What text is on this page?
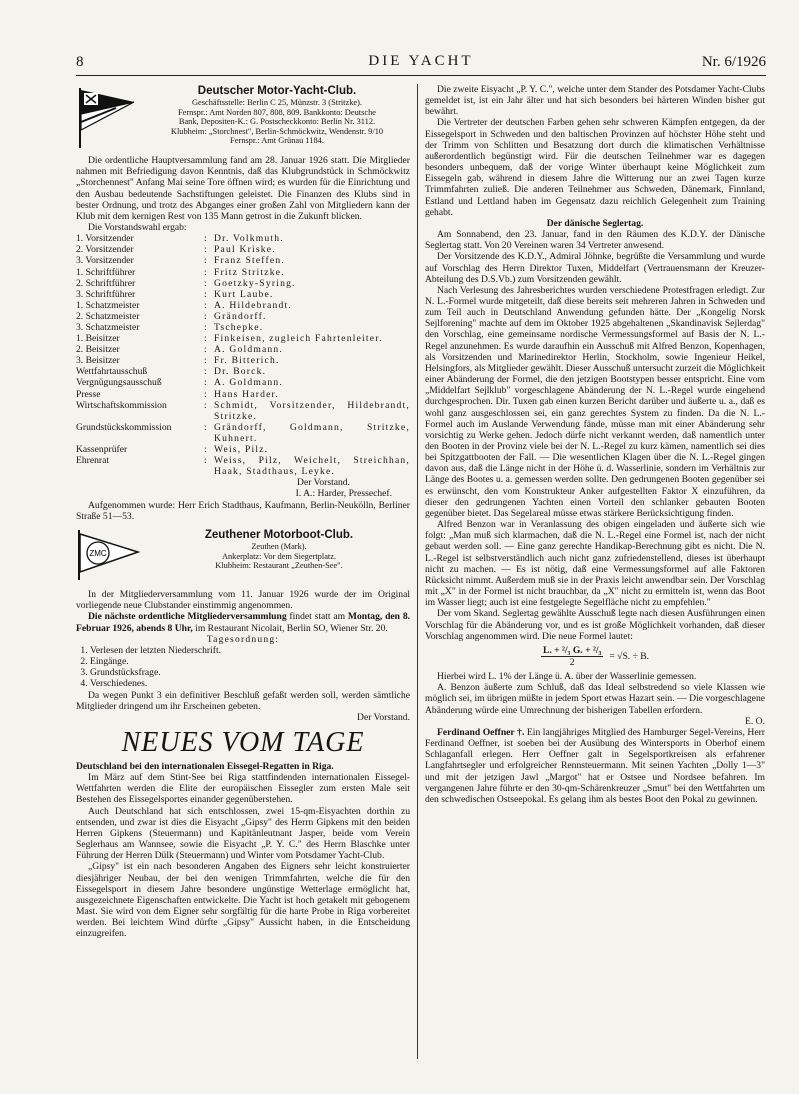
8	DIE YACHT	Nr. 6/1926
Deutscher Motor-Yacht-Club.
Geschäftsstelle: Berlin C 25, Münzstr. 3 (Stritzke).
Fernspr.: Amt Norden 807, 808, 809. Bankkonto: Deutsche
Bank, Depositen-K.: G. Postscheckkonto: Berlin Nr. 3112.
Klubheim: „Storchnest", Berlin-Schmöckwitz, Wendenstr. 9/10
Fernspr.: Amt Grünau 1184.

Die ordentliche Hauptversammlung fand am 28. Januar 1926 statt. Die Mitglieder nahmen mit Befriedigung davon Kenntnis, daß das Klubgrundstück in Schmöckwitz „Storchennest" Anfang Mai seine Tore öffnen wird; es wurden für die Einrichtung und den Ausbau bedeutende Sachstiftungen geleistet. Die Finanzen des Klubs sind in bester Ordnung, und trotz des Abganges einer großen Zahl von Mitgliedern kann der Klub mit dem kernigen Rest von 135 Mann getrost in die Zukunft blicken.

Die Vorstandswahl ergab:

1. Vorsitzender	:	Dr. Volkmuth.
2. Vorsitzender	:	Paul Kriske.
3. Vorsitzender	:	Franz Steffen.
1. Schriftführer	:	Fritz Stritzke.
2. Schriftführer	:	Goetzky-Syring.
3. Schriftführer	:	Kurt Laube.
1. Schatzmeister	:	A. Hildebrandt.
2. Schatzmeister	:	Grändorff.
3. Schatzmeister	:	Tschepke.
1. Beisitzer	:	Finkeisen, zugleich Fahrtenleiter.
2. Beisitzer	:	A. Goldmann.
3. Beisitzer	:	Fr. Bitterich.
Wettfahrtausschuß	:	Dr. Borck.
Vergnügungsausschuß	:	A. Goldmann.
Presse	:	Hans Harder.
Wirtschaftskommission	:	Schmidt, Vorsitzender, Hildebrandt, Stritzke.
Grundstückskommission	:	Grändorff, Goldmann, Stritzke, Kuhnert.
Kassenprüfer	:	Weis, Pilz.
Ehrenrat	:	Weiss, Pilz, Weichelt, Streichhan, Haak, Stadthaus, Leyke.
Der Vorstand.
I. A.: Harder, Pressechef.

Aufgenommen wurde: Herr Erich Stadthaus, Kaufmann, Berlin-Neukölln, Berliner Straße 51—53.

ZMC
Zeuthener Motorboot-Club.
Zeuthen (Mark).
Ankerplatz: Vor dem Siegertplatz.
Klubheim: Restaurant „Zeuthen-See".

In der Mitgliederversammlung vom 11. Januar 1926 wurde der im Original vorliegende neue Clubstander einstimmig angenommen.

Die nächste ordentliche Mitgliederversammlung findet statt am Montag, den 8. Februar 1926, abends 8 Uhr, im Restaurant Nicolait, Berlin SO, Wiener Str. 20.

Tagesordnung:
1. Verlesen der letzten Niederschrift.
2. Eingänge.
3. Grundstücksfrage.
4. Verschiedenes.

Da wegen Punkt 3 ein definitiver Beschluß gefaßt werden soll, werden sämtliche Mitglieder dringend um ihr Erscheinen gebeten.

Der Vorstand.
NEUES VOM TAGE

Deutschland bei den internationalen Eissegel-Regatten in Riga.

Im März auf dem Stint-See bei Riga stattfindenden internationalen Eissegel-Wettfahrten werden die Elite der europäischen Eissegler zum ersten Male seit Bestehen des Eissegelsportes einander gegenüberstehen.

Auch Deutschland hat sich entschlossen, zwei 15-qm-Eisyachten dorthin zu entsenden, und zwar ist dies die Eisyacht „Gipsy" des Herrn Gipkens mit den beiden Herren Gipkens (Steuermann) und Kapitänleutnant Jasper, beide vom Verein Seglerhaus am Wannsee, sowie die Eisyacht „P. Y. C." des Herrn Blaschke unter Führung der Herren Dülk (Steuermann) und Winter vom Potsdamer Yacht-Club.

„Gipsy" ist ein nach besonderen Angaben des Eigners sehr leicht konstruierter diesjähriger Neubau, der bei den wenigen Trimmfahrten, welche die für den Eissegelsport in diesem Jahre besondere ungünstige Wetterlage ermöglicht hat, ausgezeichnete Eigenschaften entwickelte. Die Yacht ist hoch getakelt mit gebogenem Mast. Sie wird von dem Eigner sehr sorgfältig für die harte Probe in Riga vorbereitet werden. Bei leichtem Wind dürfte „Gipsy" Aussicht haben, in die Entscheidung einzugreifen.

Die zweite Eisyacht „P. Y. C.", welche unter dem Stander des Potsdamer Yacht-Clubs gemeldet ist, ist ein Jahr älter und hat sich besonders bei härteren Winden bisher gut bewährt.

Die Vertreter der deutschen Farben gehen sehr schweren Kämpfen entgegen, da der Eissegelsport in Schweden und den baltischen Provinzen auf höchster Höhe steht und der Trimm von Schlitten und Besatzung dort durch die klimatischen Verhältnisse außerordentlich begünstigt wird. Für die deutschen Teilnehmer war es dagegen besonders unbequem, daß der vorige Winter überhaupt keine Möglichkeit zum Eissegeln gab, während in diesem Jahre die Witterung nur an zwei Tagen kurze Trimmfahrten zuließ. Die anderen Teilnehmer aus Schweden, Dänemark, Finnland, Estland und Lettland haben im Gegensatz dazu reichlich Gelegenheit zum Training gehabt.

Der dänische Seglertag.

Am Sonnabend, den 23. Januar, fand in den Räumen des K.D.Y. der Dänische Seglertag statt. Von 20 Vereinen waren 34 Vertreter anwesend.

Der Vorsitzende des K.D.Y., Admiral Jöhnke, begrüßte die Versammlung und wurde auf Vorschlag des Herrn Direktor Tuxen, Middelfart (Vertrauensmann der Kreuzer-Abteilung des D.S.Vb.) zum Vorsitzenden gewählt.

Nach Verlesung des Jahresberichtes wurden verschiedene Protestfragen erledigt. Zur N. L.-Formel wurde mitgeteilt, daß diese bereits seit mehreren Jahren in Schweden und zum Teil auch in Deutschland Anwendung gefunden hätte. Der „Kongelig Norsk Sejlforening" machte auf dem im Oktober 1925 abgehaltenen „Skandinavisk Sejlerdag" den Vorschlag, eine gemeinsame nordische Vermessungsformel auf Basis der N. L.-Regel anzunehmen. Es wurde daraufhin ein Ausschuß mit Alfred Benzon, Kopenhagen, als Vorsitzenden und Marinedirektor Herlin, Stockholm, sowie Ingenieur Heikel, Helsingfors, als Mitglieder gewählt. Dieser Ausschuß untersucht zurzeit die Möglichkeit einer Abänderung der Formel, die den jetzigen Bootstypen besser entspricht. Eine vom „Middelfart Sejlklub" vorgeschlagene Abänderung der N. L.-Regel wurde eingehend durchgesprochen. Dir. Tuxen gab einen kurzen Bericht darüber und äußerte u. a., daß es wohl ganz ausgeschlossen sei, ein ganz gerechtes System zu finden. Da die N. L.-Formel auch im Auslande Verwendung fände, müsse man mit einer Abänderung sehr vorsichtig zu Werke gehen. Jedoch dürfe nicht verkannt werden, daß namentlich unter den Booten in der Provinz viele bei der N. L.-Regel zu kurz kämen, namentlich sei dies bei Spitzgattbooten der Fall. — Die wesentlichen Klagen über die N. L.-Regel gingen davon aus, daß die Länge nicht in der Höhe ü. d. Wasserlinie, sondern im Verhältnis zur Länge des Bootes u. a. gemessen werden sollte. Den gedrungenen Booten gegenüber sei es erwünscht, den vom Konstrukteur Anker aufgestellten Faktor X einzuführen, da dieser den gedrungenen Yachten einen Vorteil den schlanker gebauten Booten gegenüber bietet. Das Segelareal müsse etwas stärkere Berücksichtigung finden.

Alfred Benzon war in Veranlassung des obigen eingeladen und äußerte sich wie folgt: „Man muß sich klarmachen, daß die N. L.-Regel eine Formel ist, nach der nicht gebaut werden soll. — Eine ganz gerechte Handikap-Berechnung gibt es nicht. Die N. L.-Regel ist selbstverständlich auch nicht ganz zufriedenstellend, dieses ist überhaupt nicht zu machen. — Es ist nötig, daß eine Vermessungsformel auf alle Faktoren Rücksicht nimmt. Außerdem muß sie in der Praxis leicht anwendbar sein. Der Vorschlag mit „X" in der Formel ist nicht brauchbar, da „X" nicht zu ermitteln ist, wenn das Boot im Wasser liegt; auch ist eine festgelegte Segelfläche nicht zu empfehlen."

Der vom Skand. Seglertag gewählte Ausschuß legte nach diesen Ausführungen einen Vorschlag für die Abänderung vor, und es ist große Möglichkeit vorhanden, daß dieser Vorschlag angenommen wird. Die neue Formel lautet:

$\frac{\text{L. + ²/₃ G. + ²/₃}}{2} = √S$. ÷ B.

Hierbei wird L. 1% der Länge ü. A. über der Wasserlinie gemessen.

A. Benzon äußerte zum Schluß, daß das Ideal selbstredend so viele Klassen wie möglich sei, im übrigen müßte in jedem Sport etwas Hazart sein. — Die vorgeschlagene Abänderung würde eine Umrechnung der bisherigen Tabellen erfordern.

E. O.

Ferdinand Oeffner †. Ein langjähriges Mitglied des Hamburger Segel-Vereins, Herr Ferdinand Oeffner, ist soeben bei der Ausübung des Wintersports in Oberhof einem Schlaganfall erlegen. Herr Oeffner galt in Segelsportkreisen als erfahrener Langfahrtsegler und erfolgreicher Rennsteuermann. Mit seinen Yachten „Dolly 1—3" und mit der jetzigen Jawl „Margot" hat er Ostsee und Nordsee befahren. Im vergangenen Jahre führte er den 30-qm-Schärenkreuzer „Smut" bei den Wettfahrten um den schwedischen Ostseepokal. Es gelang ihm als bestes Boot den Pokal zu gewinnen.
